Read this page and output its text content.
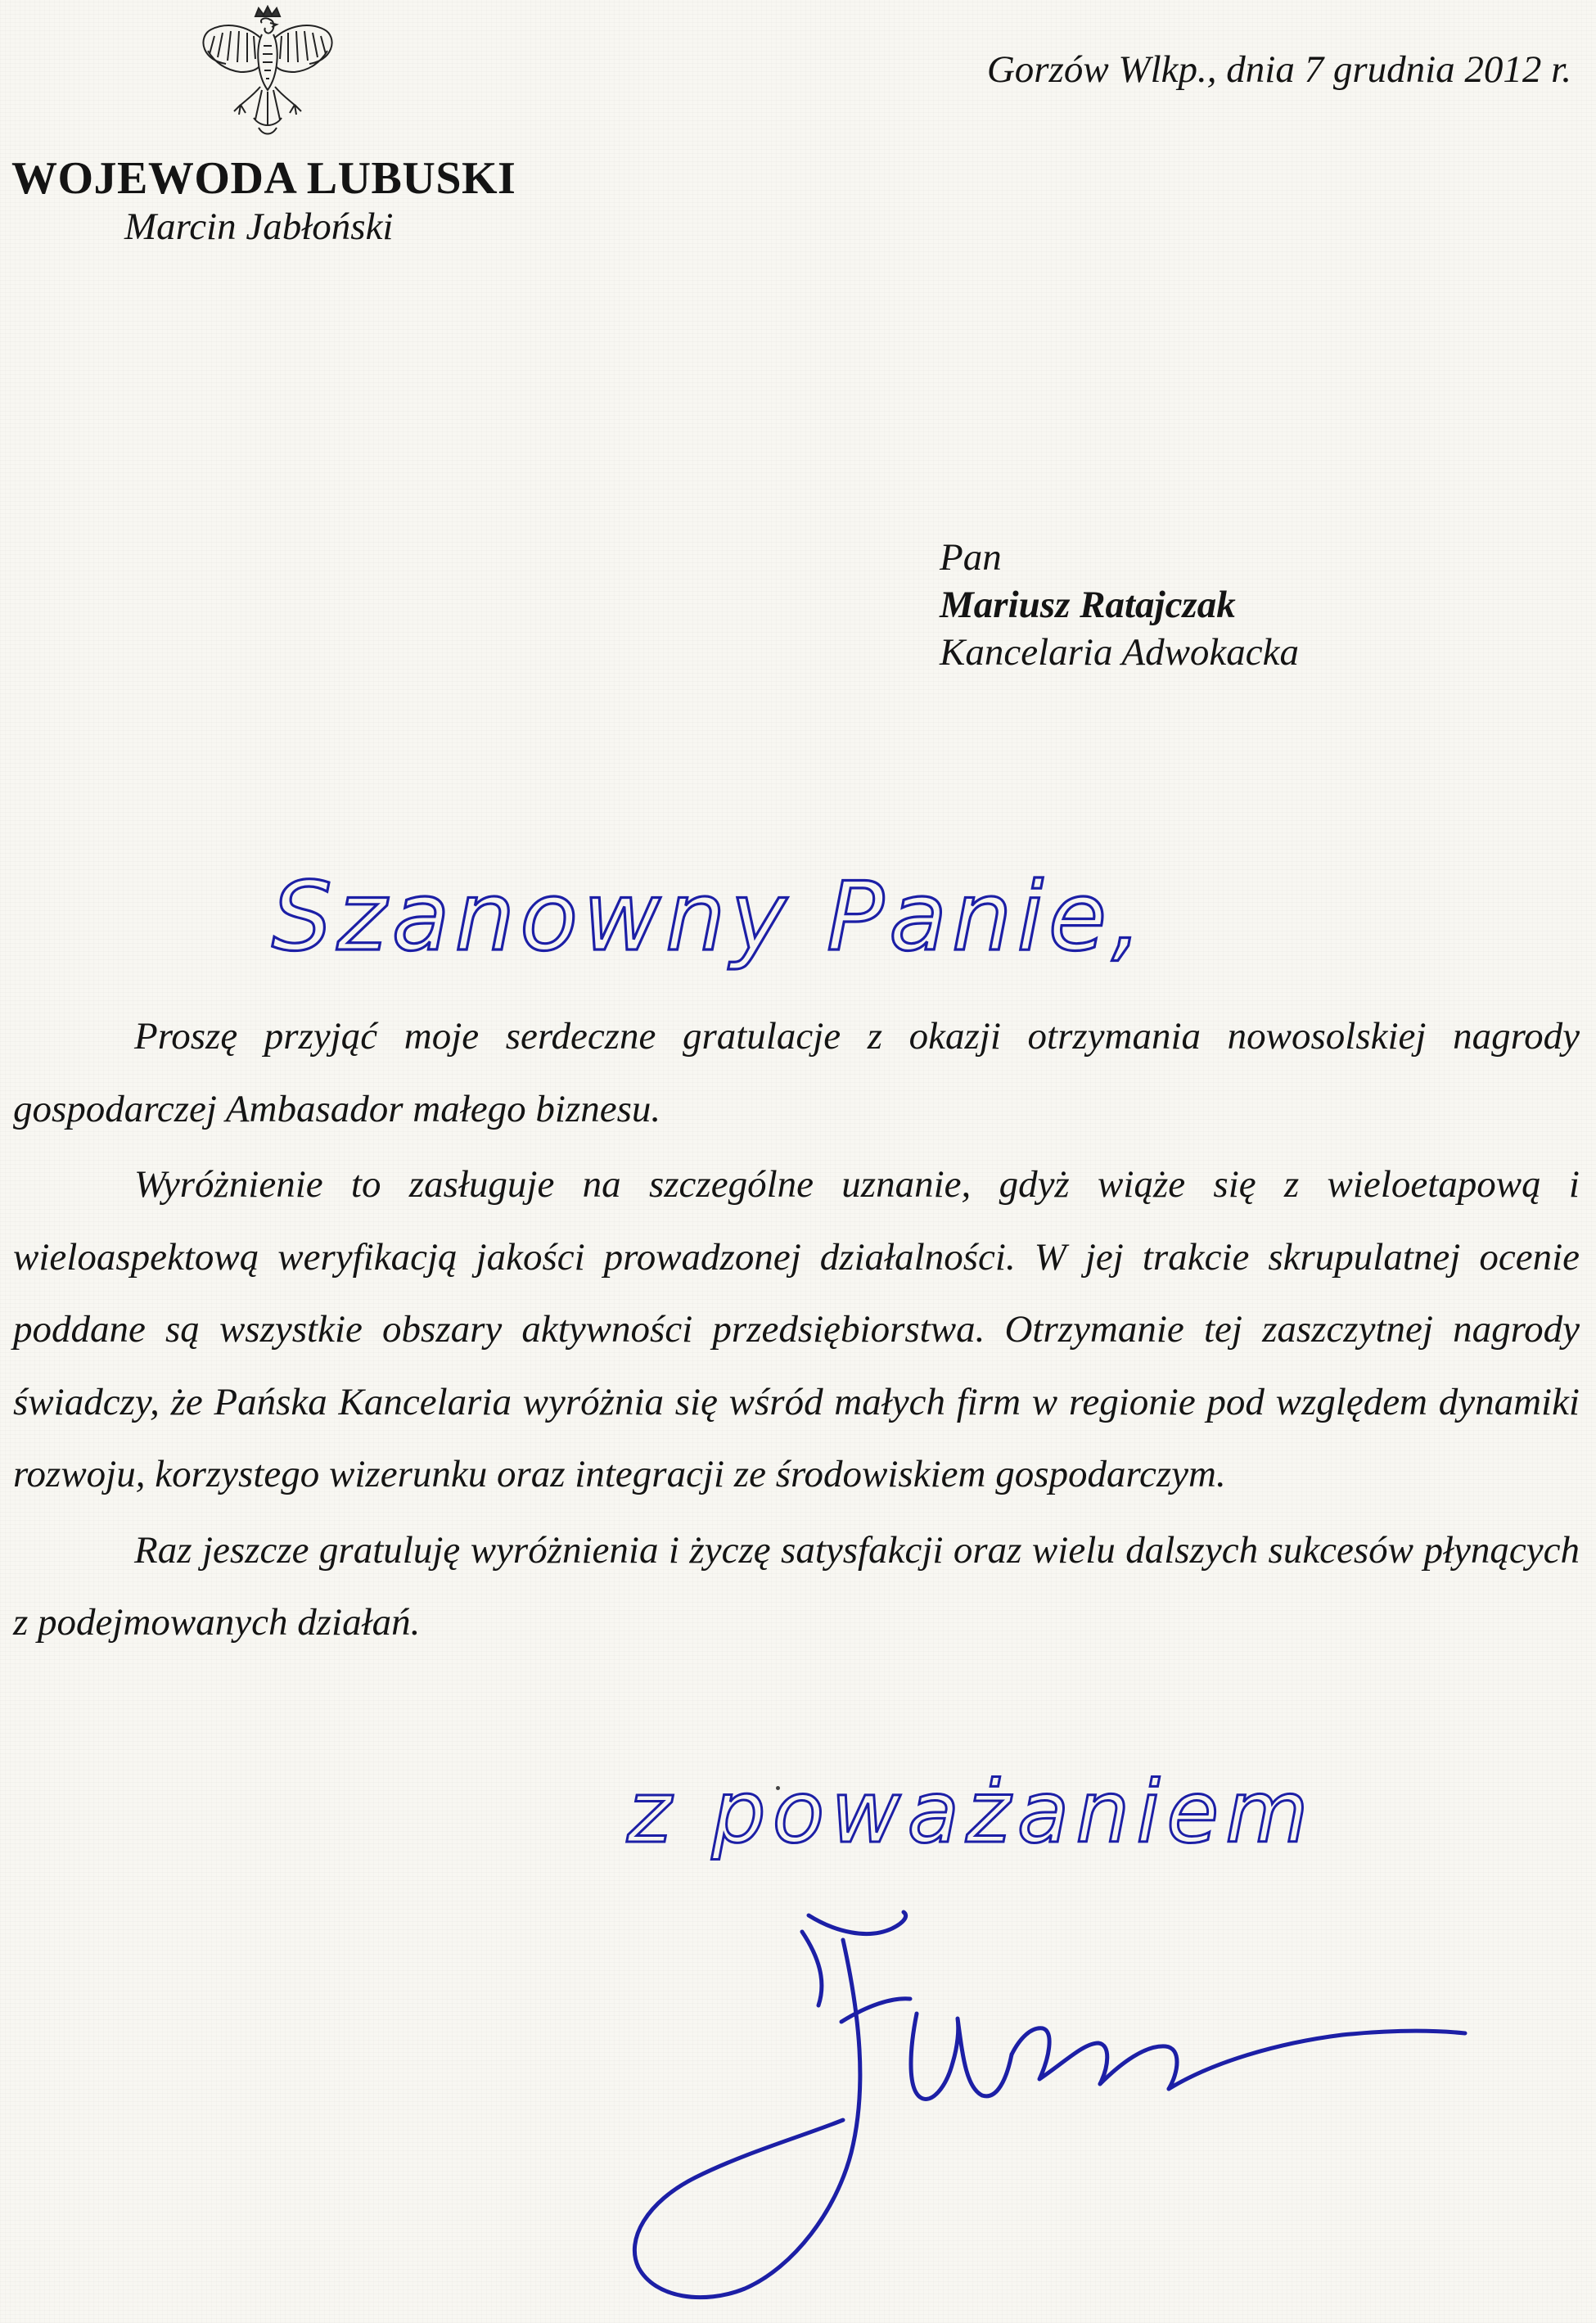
WOJEWODA LUBUSKI
Marcin Jabłoński
Gorzów Wlkp., dnia 7 grudnia 2012 r.
Pan
Mariusz Ratajczak
Kancelaria Adwokacka
Szanowny Panie,

Proszę przyjąć moje serdeczne gratulacje z okazji otrzymania nowosolskiej nagrody gospodarczej Ambasador małego biznesu.

Wyróżnienie to zasługuje na szczególne uznanie, gdyż wiąże się z wieloetapową i wieloaspektową weryfikacją jakości prowadzonej działalności. W jej trakcie skrupulatnej ocenie poddane są wszystkie obszary aktywności przedsiębiorstwa. Otrzymanie tej zaszczytnej nagrody świadczy, że Pańska Kancelaria wyróżnia się wśród małych firm w regionie pod względem dynamiki rozwoju, korzystego wizerunku oraz integracji ze środowiskiem gospodarczym.

Raz jeszcze gratuluję wyróżnienia i życzę satysfakcji oraz wielu dalszych sukcesów płynących z podejmowanych działań.

z poważaniem
